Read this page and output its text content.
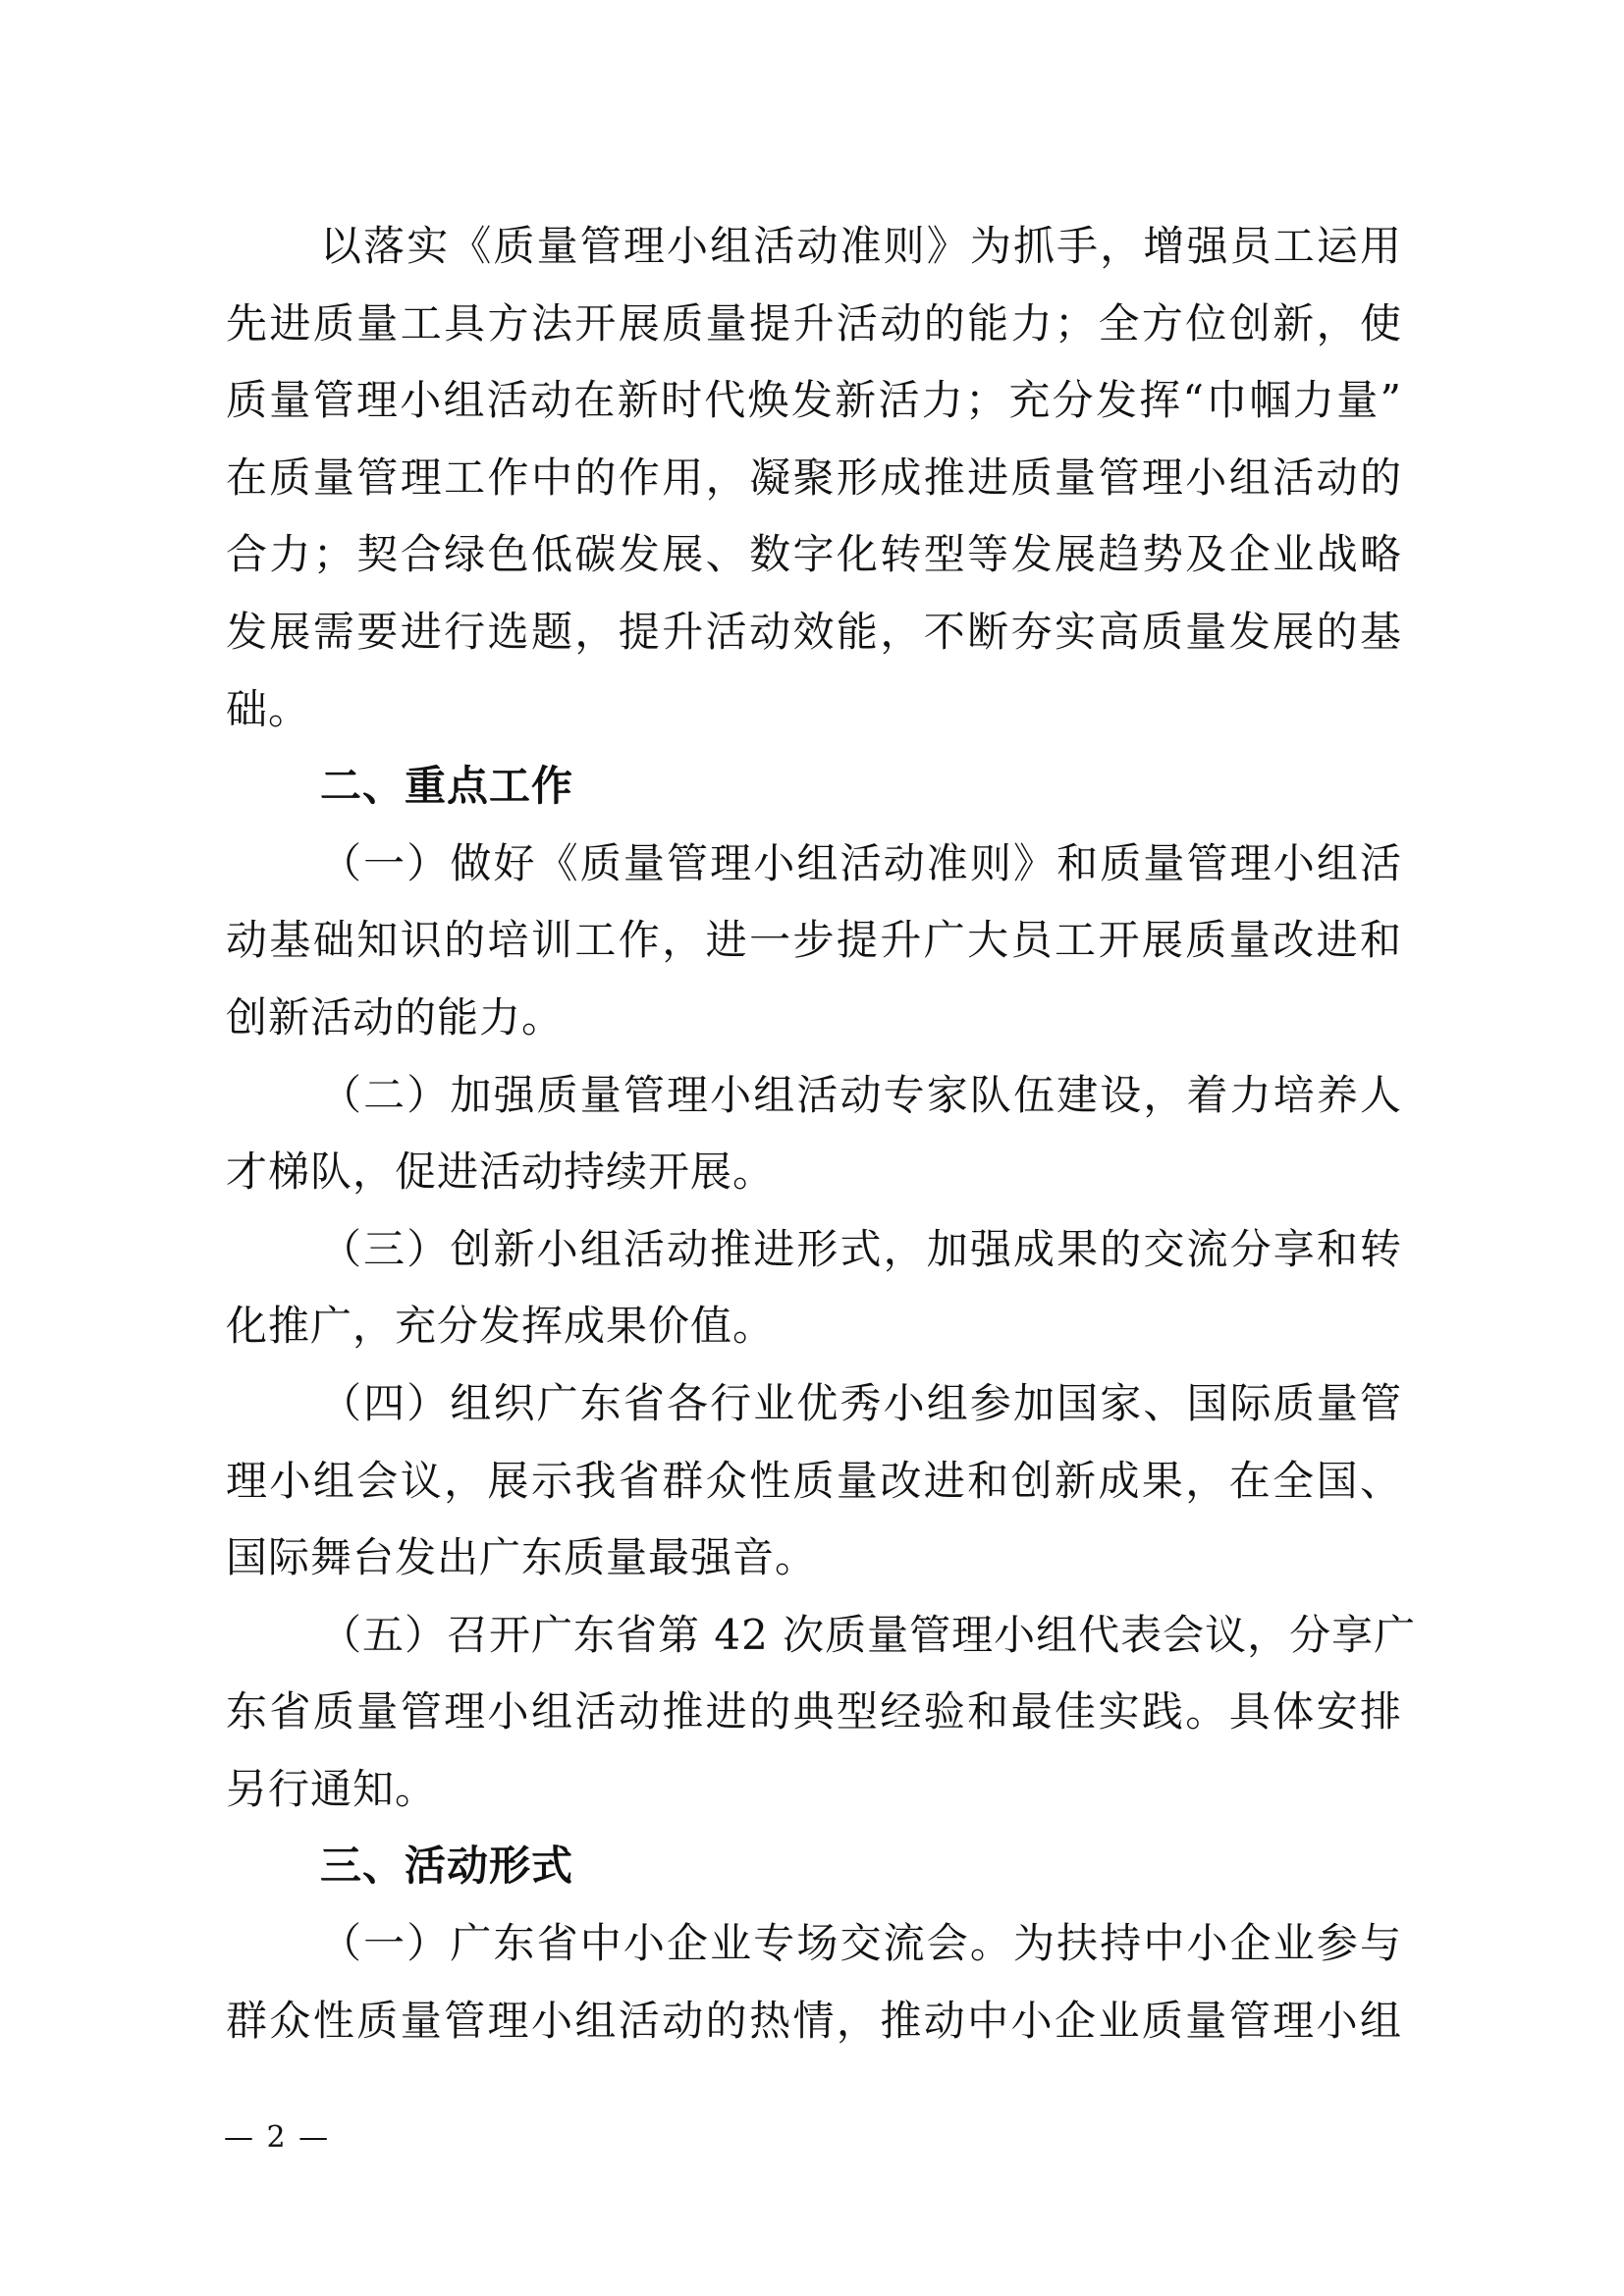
以落实《质量管理小组活动准则》为抓手，增强员工运用
先进质量工具方法开展质量提升活动的能力；全方位创新，使
质量管理小组活动在新时代焕发新活力；充分发挥“巾帼力量”
在质量管理工作中的作用，凝聚形成推进质量管理小组活动的
合力；契合绿色低碳发展、数字化转型等发展趋势及企业战略
发展需要进行选题，提升活动效能，不断夯实高质量发展的基
础。
二、重点工作
（一）做好《质量管理小组活动准则》和质量管理小组活
动基础知识的培训工作，进一步提升广大员工开展质量改进和
创新活动的能力。
（二）加强质量管理小组活动专家队伍建设，着力培养人
才梯队，促进活动持续开展。
（三）创新小组活动推进形式，加强成果的交流分享和转
化推广，充分发挥成果价值。
（四）组织广东省各行业优秀小组参加国家、国际质量管
理小组会议，展示我省群众性质量改进和创新成果，在全国、
国际舞台发出广东质量最强音。
（五）召开广东省第 42 次质量管理小组代表会议，分享广
东省质量管理小组活动推进的典型经验和最佳实践。具体安排
另行通知。
三、活动形式
（一）广东省中小企业专场交流会。为扶持中小企业参与
群众性质量管理小组活动的热情，推动中小企业质量管理小组
— 2 —
